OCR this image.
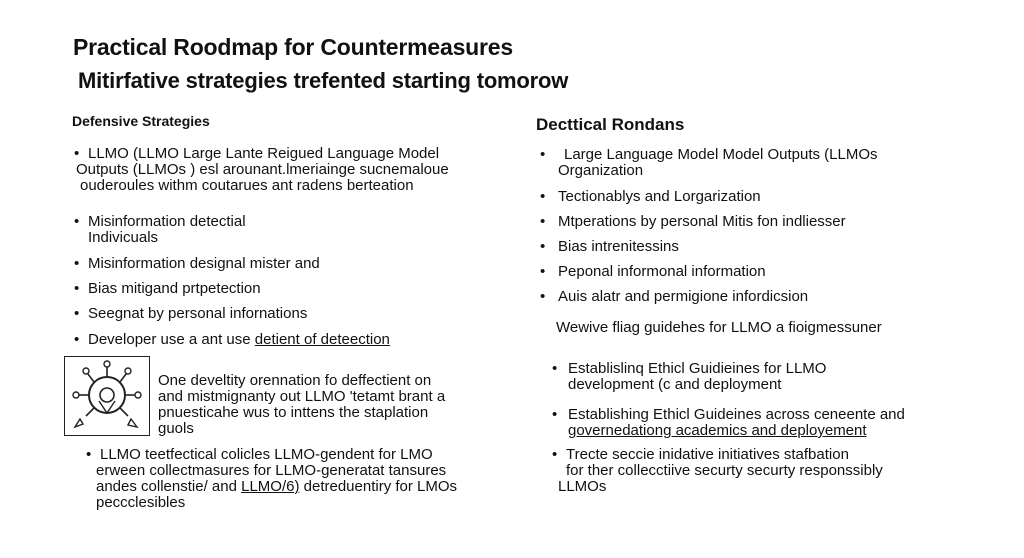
Practical Roodmap for Countermeasures
Mitirfative strategies trefented starting tomorow
Defensive Strategies
• LLMO (LLMO Large Lante Reigued Language Model
Outputs (LLMOs ) esl arounant.lmeriainge sucnemaloue
ouderoules withm coutarues ant radens berteation
• Misinformation detectial
Indivicuals
• Misinformation designal mister and
• Bias mitigand prtpetection
• Seegnat by personal infornations
• Developer use a ant use detient of deteection
One develtity orennation fo deffectient on
and mistmignanty out LLMO 'tetamt brant a
pnuesticahe wus to inttens the staplation
guols
• LLMO teetfectical colicles LLMO-gendent for LMO
erween collectmasures for LLMO-generatat tansures
andes collenstie/ and LLMO/6) detreduentiry for LMOs
peccclesibles
Decttical Rondans
• Large Language Model Model Outputs (LLMOs
Organization
• Tectionablys and Lorgarization
• Mtperations by personal Mitis fon indliesser
• Bias intrenitessins
• Peponal informonal information
• Auis alatr and permigione infordicsion
Wewive fliag guidehes for LLMO a fioigmessuner
• Establislinq Ethicl Guidieines for LLMO
development (c and deployment
• Establishing Ethicl Guideines across ceneente and
governedationg academics and deployement
• Trecte seccie inidative initiatives stafbation
for ther collecctiive securty securty responssibly
LLMOs
